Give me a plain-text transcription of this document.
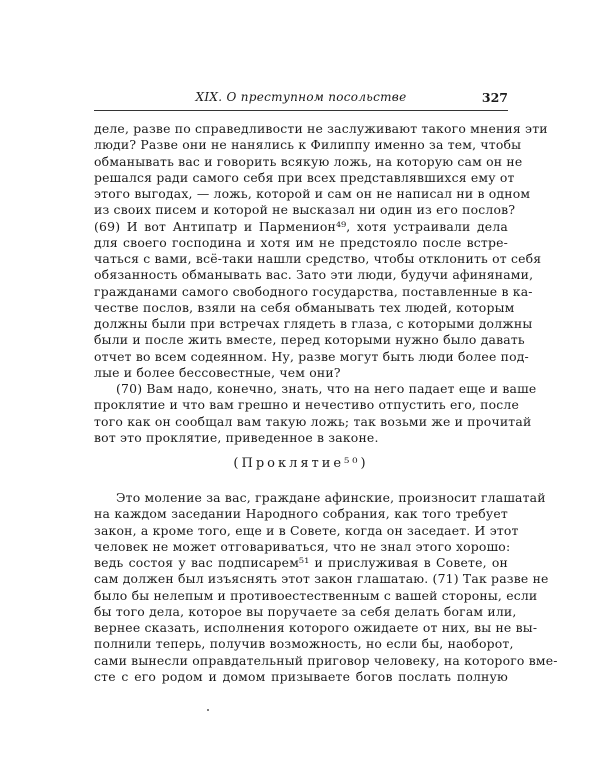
XIX. О преступном посольстве	327
деле, разве по справедливости не заслуживают такого мнения эти
люди? Разве они не нанялись к Филиппу именно за тем, чтобы
обманывать вас и говорить всякую ложь, на которую сам он не
решался ради самого себя при всех представлявшихся ему от
этого выгодах, — ложь, которой и сам он не написал ни в одном
из своих писем и которой не высказал ни один из его послов?
(69) И вот Антипатр и Парменион⁴⁹, хотя устраивали дела
для своего господина и хотя им не предстояло после встре-
чаться с вами, всё-таки нашли средство, чтобы отклонить от себя
обязанность обманывать вас. Зато эти люди, будучи афинянами,
гражданами самого свободного государства, поставленные в ка-
честве послов, взяли на себя обманывать тех людей, которым
должны были при встречах глядеть в глаза, с которыми должны
были и после жить вместе, перед которыми нужно было давать
отчет во всем содеянном. Ну, разве могут быть люди более под-
лые и более бессовестные, чем они?
(70) Вам надо, конечно, знать, что на него падает еще и ваше
проклятие и что вам грешно и нечестиво отпустить его, после
того как он сообщал вам такую ложь; так возьми же и прочитай
вот это проклятие, приведенное в законе.
(Проклятие⁵⁰)
Это моление за вас, граждане афинские, произносит глашатай
на каждом заседании Народного собрания, как того требует
закон, а кроме того, еще и в Совете, когда он заседает. И этот
человек не может отговариваться, что не знал этого хорошо:
ведь состоя у вас подписарем⁵¹ и прислуживая в Совете, он
сам должен был изъяснять этот закон глашатаю. (71) Так разве не
было бы нелепым и противоестественным с вашей стороны, если
бы того дела, которое вы поручаете за себя делать богам или,
вернее сказать, исполнения которого ожидаете от них, вы не вы-
полнили теперь, получив возможность, но если бы, наоборот,
сами вынесли оправдательный приговор человеку, на которого вме-
сте с его родом и домом призываете богов послать полную
